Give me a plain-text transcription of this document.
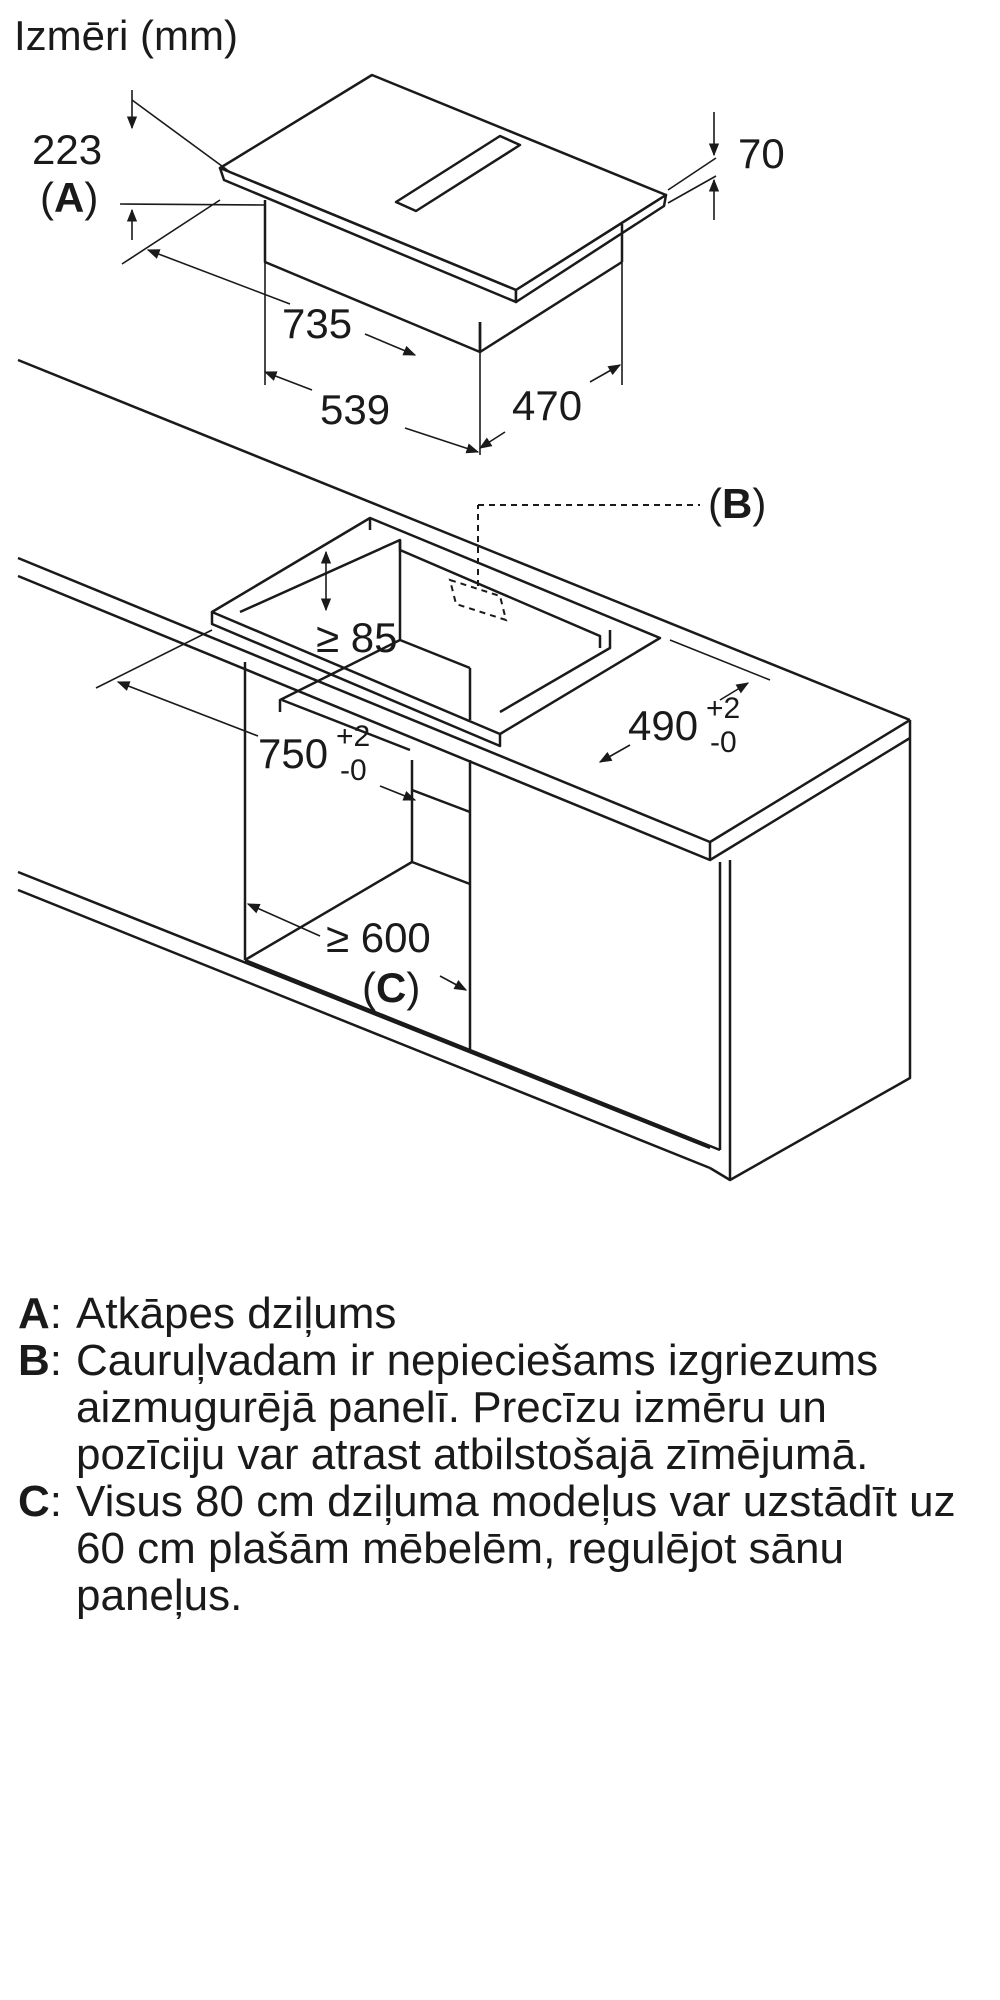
Izmēri (mm)
223
(A)
70
735
539	470
(B)
≥ 85
750 +2
-0
490 +2
-0
≥ 600
(C)
A : Atkāpes dziļums
B : Cauruļvadam ir nepieciešams izgriezums aizmugurējā panelī. Precīzu izmēru un pozīciju var atrast atbilstošajā zīmējumā.
C : Visus 80 cm dziļuma modeļus var uzstādīt uz 60 cm plašām mēbelēm, regulējot sānu paneļus.
